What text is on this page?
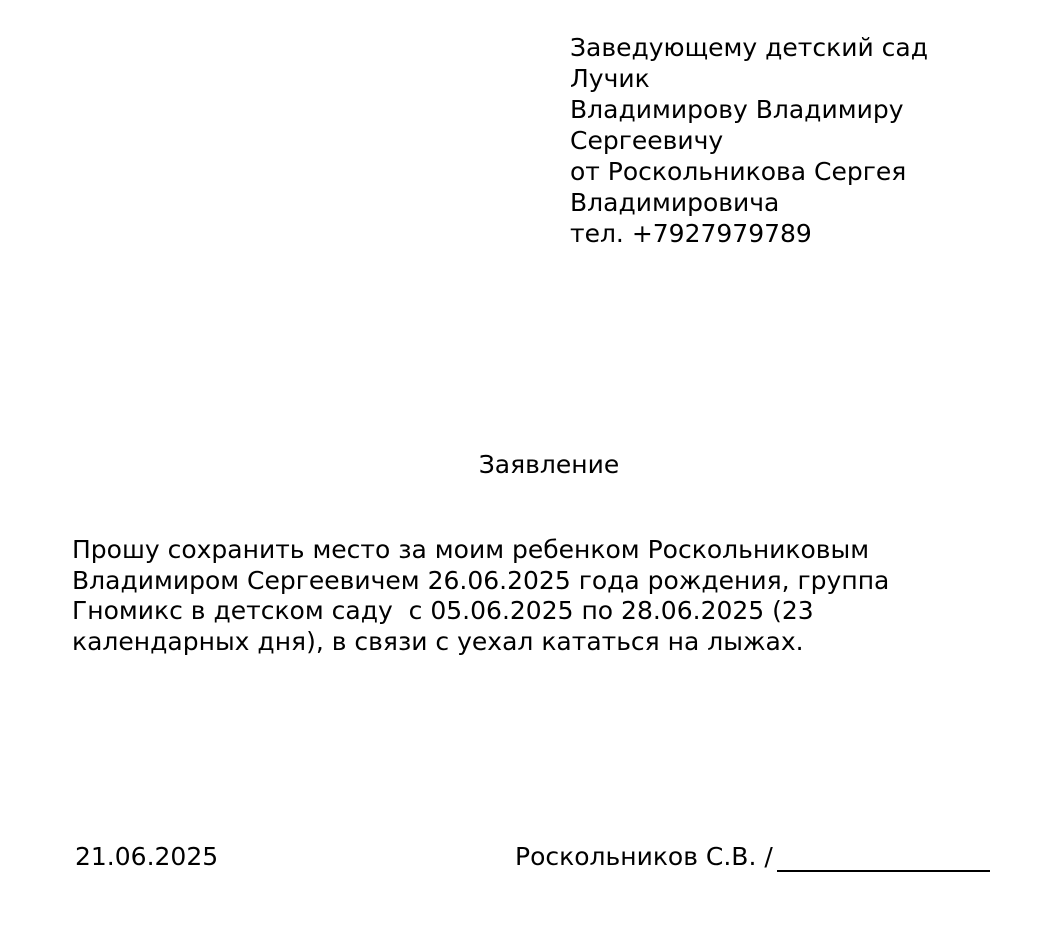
Заведующему детский сад
Лучик
Владимирову Владимиру
Сергеевичу
от Роскольникова Сергея
Владимировича
тел. +7927979789
Заявление
Прошу сохранить место за моим ребенком Роскольниковым
Владимиром Сергеевичем 26.06.2025 года рождения, группа
Гномикс в детском саду  с 05.06.2025 по 28.06.2025 (23
календарных дня), в связи с уехал кататься на лыжах.
21.06.2025	Роскольников С.В. /
